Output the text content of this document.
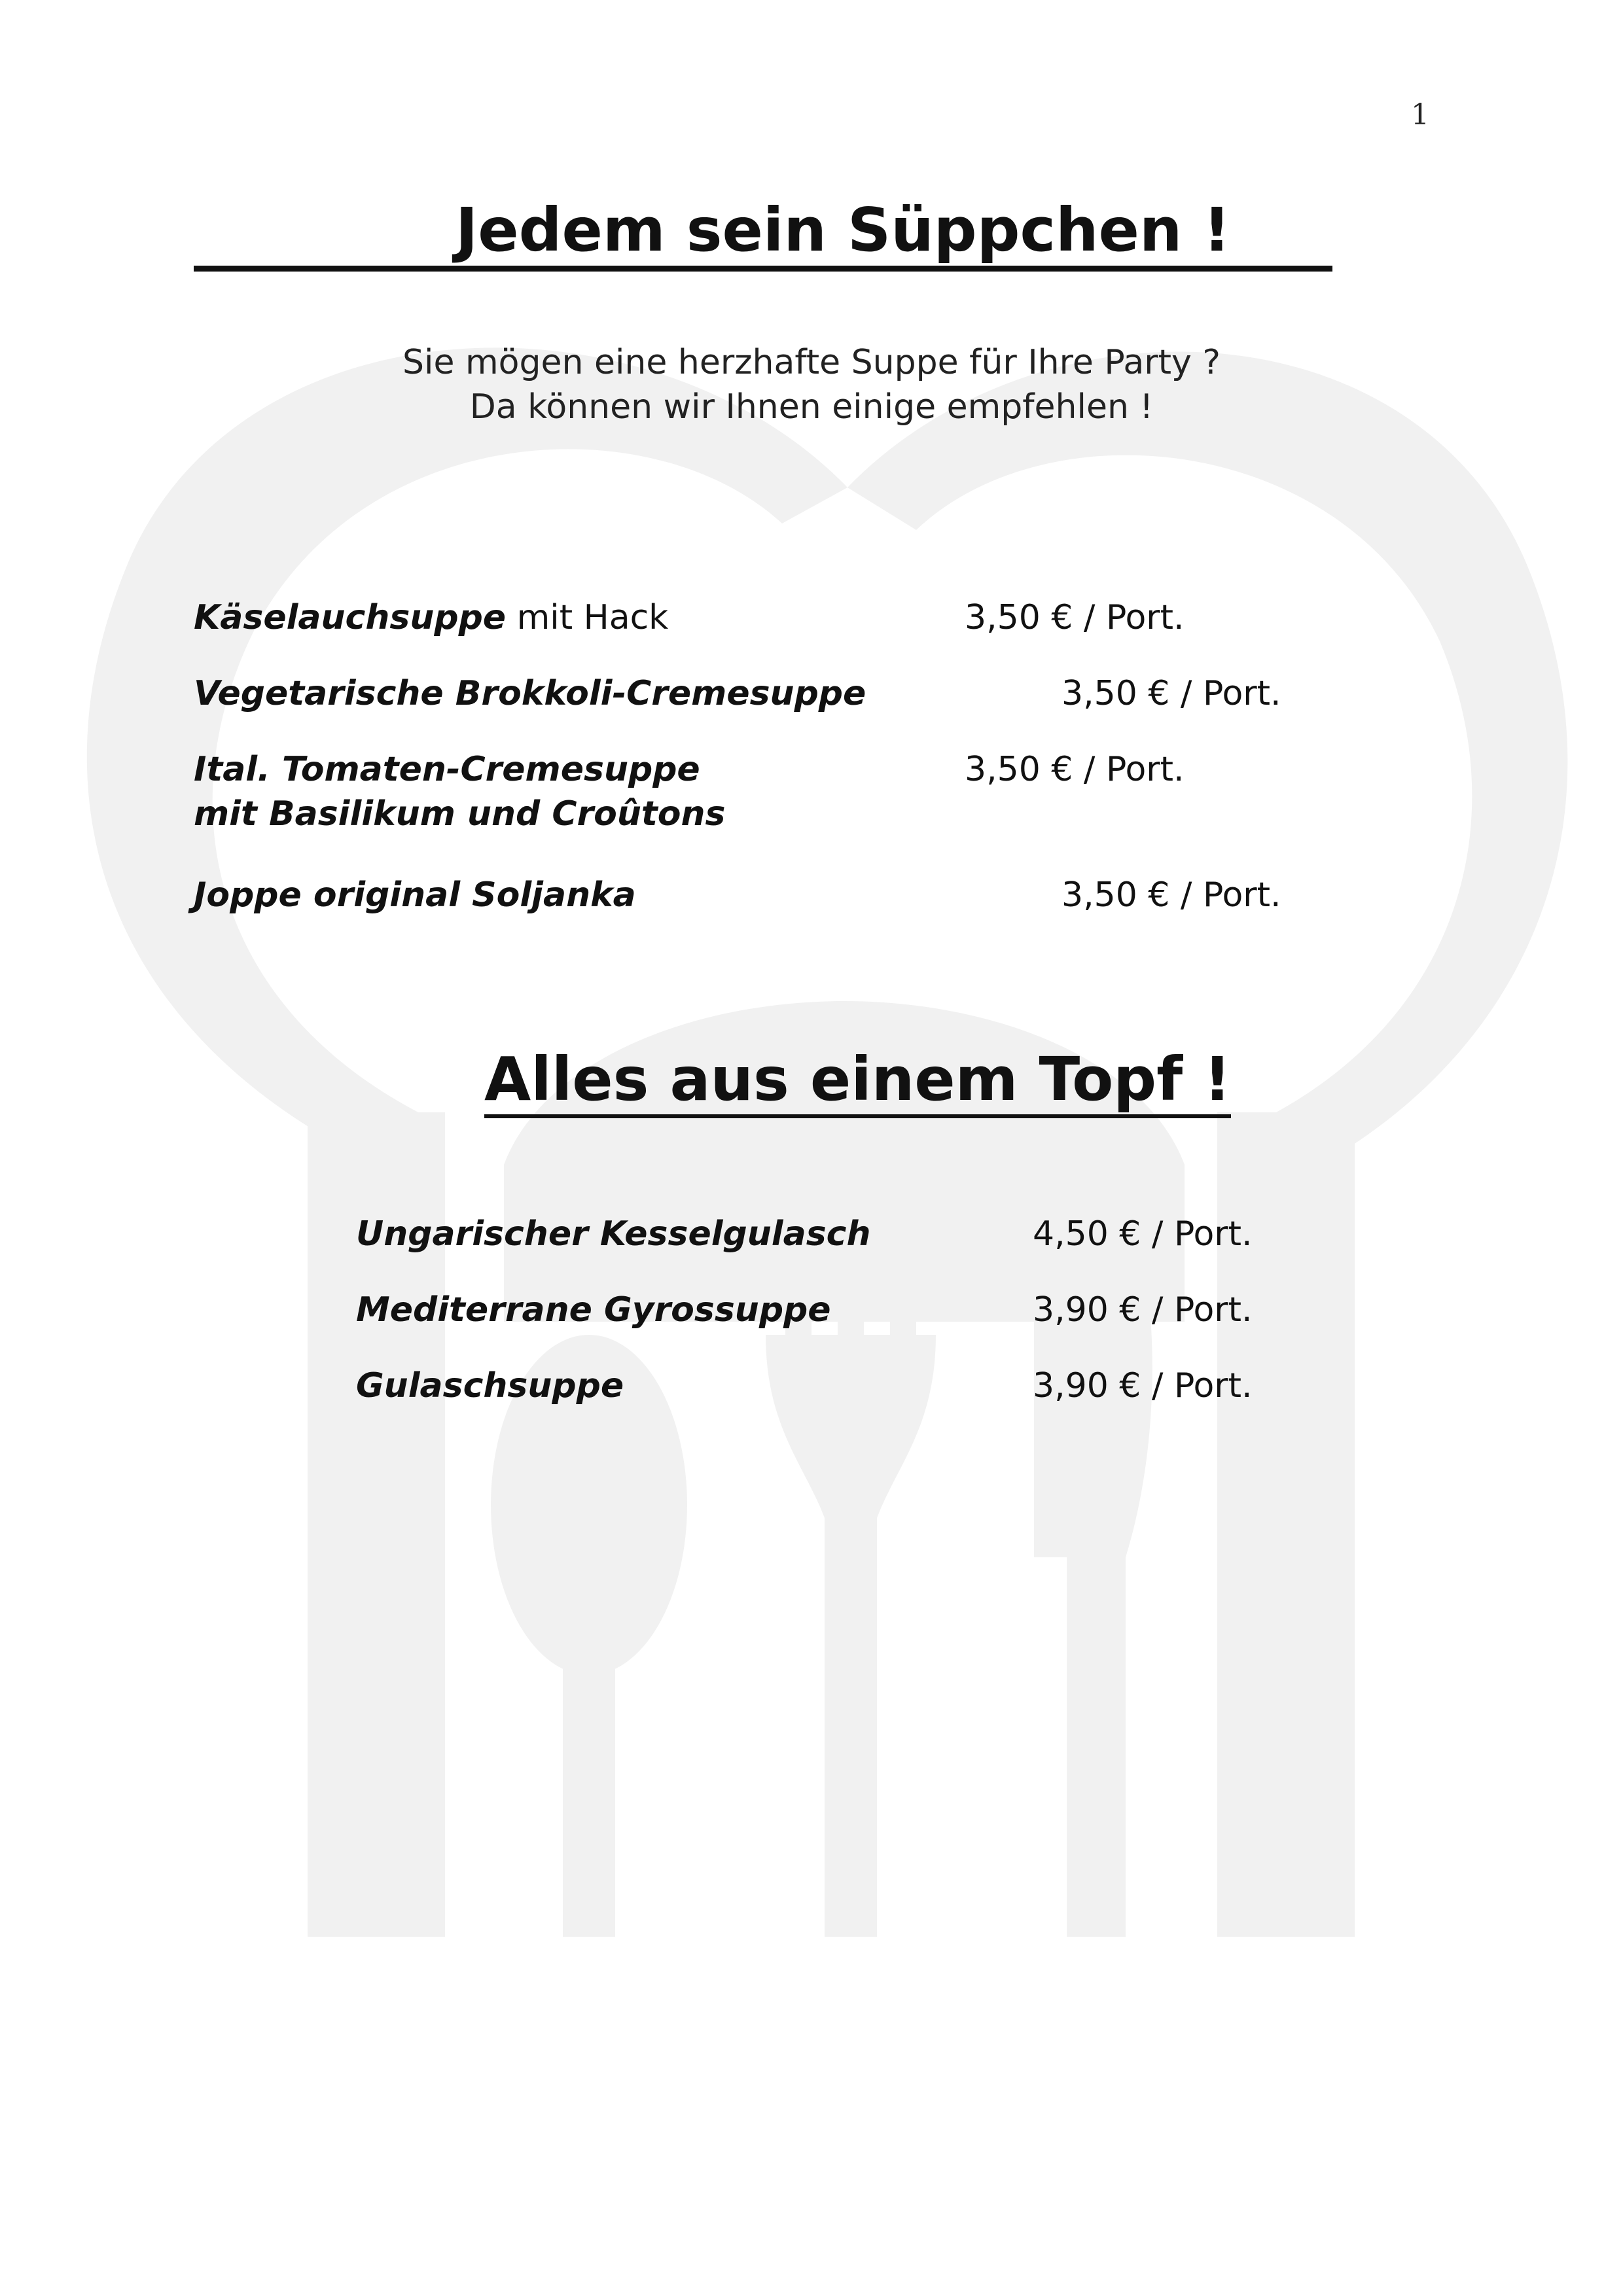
1
Jedem sein Süppchen !
Sie mögen eine herzhafte Suppe für Ihre Party ?
Da können wir Ihnen einige empfehlen !
Käselauchsuppe mit Hack	3,50 € / Port.
Vegetarische Brokkoli-Cremesuppe	3,50 € / Port.
Ital. Tomaten-Cremesuppe
mit Basilikum und Croûtons
3,50 € / Port.
Joppe original Soljanka	3,50 € / Port.
Alles aus einem Topf !
Ungarischer Kesselgulasch	4,50 € / Port.
Mediterrane Gyrossuppe	3,90 € / Port.
Gulaschsuppe	3,90 € / Port.
